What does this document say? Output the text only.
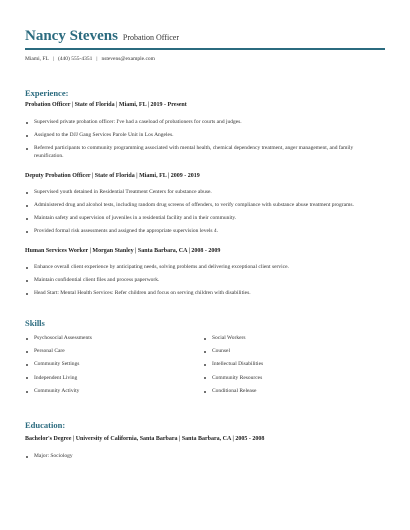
Nancy Stevens Probation Officer
Miami, FL | (440) 555-4351 | nstevens@example.com
Experience:
Probation Officer | State of Florida | Miami, FL | 2019 - Present
Supervised private probation officer: I've had a caseload of probationers for courts and judges.
Assigned to the DJJ Gang Services Parole Unit in Los Angeles.
Referred participants to community programming associated with mental health, chemical dependency treatment, anger management, and family reunification.
Deputy Probation Officer | State of Florida | Miami, FL | 2009 - 2019
Supervised youth detained in Residential Treatment Centers for substance abuse.
Administered drug and alcohol tests, including random drug screens of offenders, to verify compliance with substance abuse treatment programs.
Maintain safety and supervision of juveniles in a residential facility and in their community.
Provided formal risk assessments and assigned the appropriate supervision levels 4.
Human Services Worker | Morgan Stanley | Santa Barbara, CA | 2008 - 2009
Enhance overall client experience by anticipating needs, solving problems and delivering exceptional client service.
Maintain confidential client files and process paperwork.
Head Start: Mental Health Services: Refer children and focus on serving children with disabilities.
Skills
Psychosocial Assessments
Personal Care
Community Settings
Independent Living
Community Activity
Social Workers
Counsel
Intellectual Disabilities
Community Resources
Conditional Release
Education:
Bachelor's Degree | University of California, Santa Barbara | Santa Barbara, CA | 2005 - 2008
Major: Sociology
